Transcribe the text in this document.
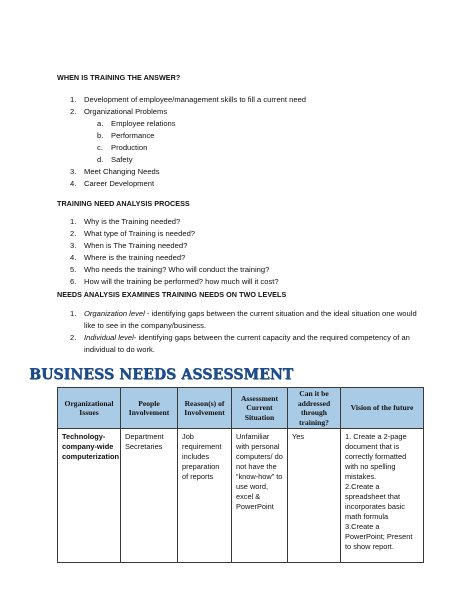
WHEN IS TRAINING THE ANSWER?
1. Development of employee/management skills to fill a current need
2. Organizational Problems
a. Employee relations
b. Performance
c. Production
d. Safety
3. Meet Changing Needs
4. Career Development
TRAINING NEED ANALYSIS PROCESS
1. Why is the Training needed?
2. What type of Training is needed?
3. When is The Training needed?
4. Where is the training needed?
5. Who needs the training? Who will conduct the training?
6. How will the training be performed? how much will it cost?
NEEDS ANALYSIS EXAMINES TRAINING NEEDS ON TWO LEVELS
1. Organization level - identifying gaps between the current situation and the ideal situation one would like to see in the company/business.
2. Individual level- identifying gaps between the current capacity and the required competency of an individual to do work.
BUSINESS NEEDS ASSESSMENT
Organizational Issues	People Involvement	Reason(s) of Involvement	Assessment Current Situation	Can it be addressed through training?	Vision of the future
Technology-company-wide computerization	Department Secretaries	Job requirement includes preparation of reports	Unfamiliar with personal computers/ do not have the “know-how” to use word, excel & PowerPoint	Yes	1. Create a 2-page document that is correctly formatted with no spelling mistakes.
2.Create a spreadsheet that incorporates basic math formula
3.Create a PowerPoint; Present to show report.
